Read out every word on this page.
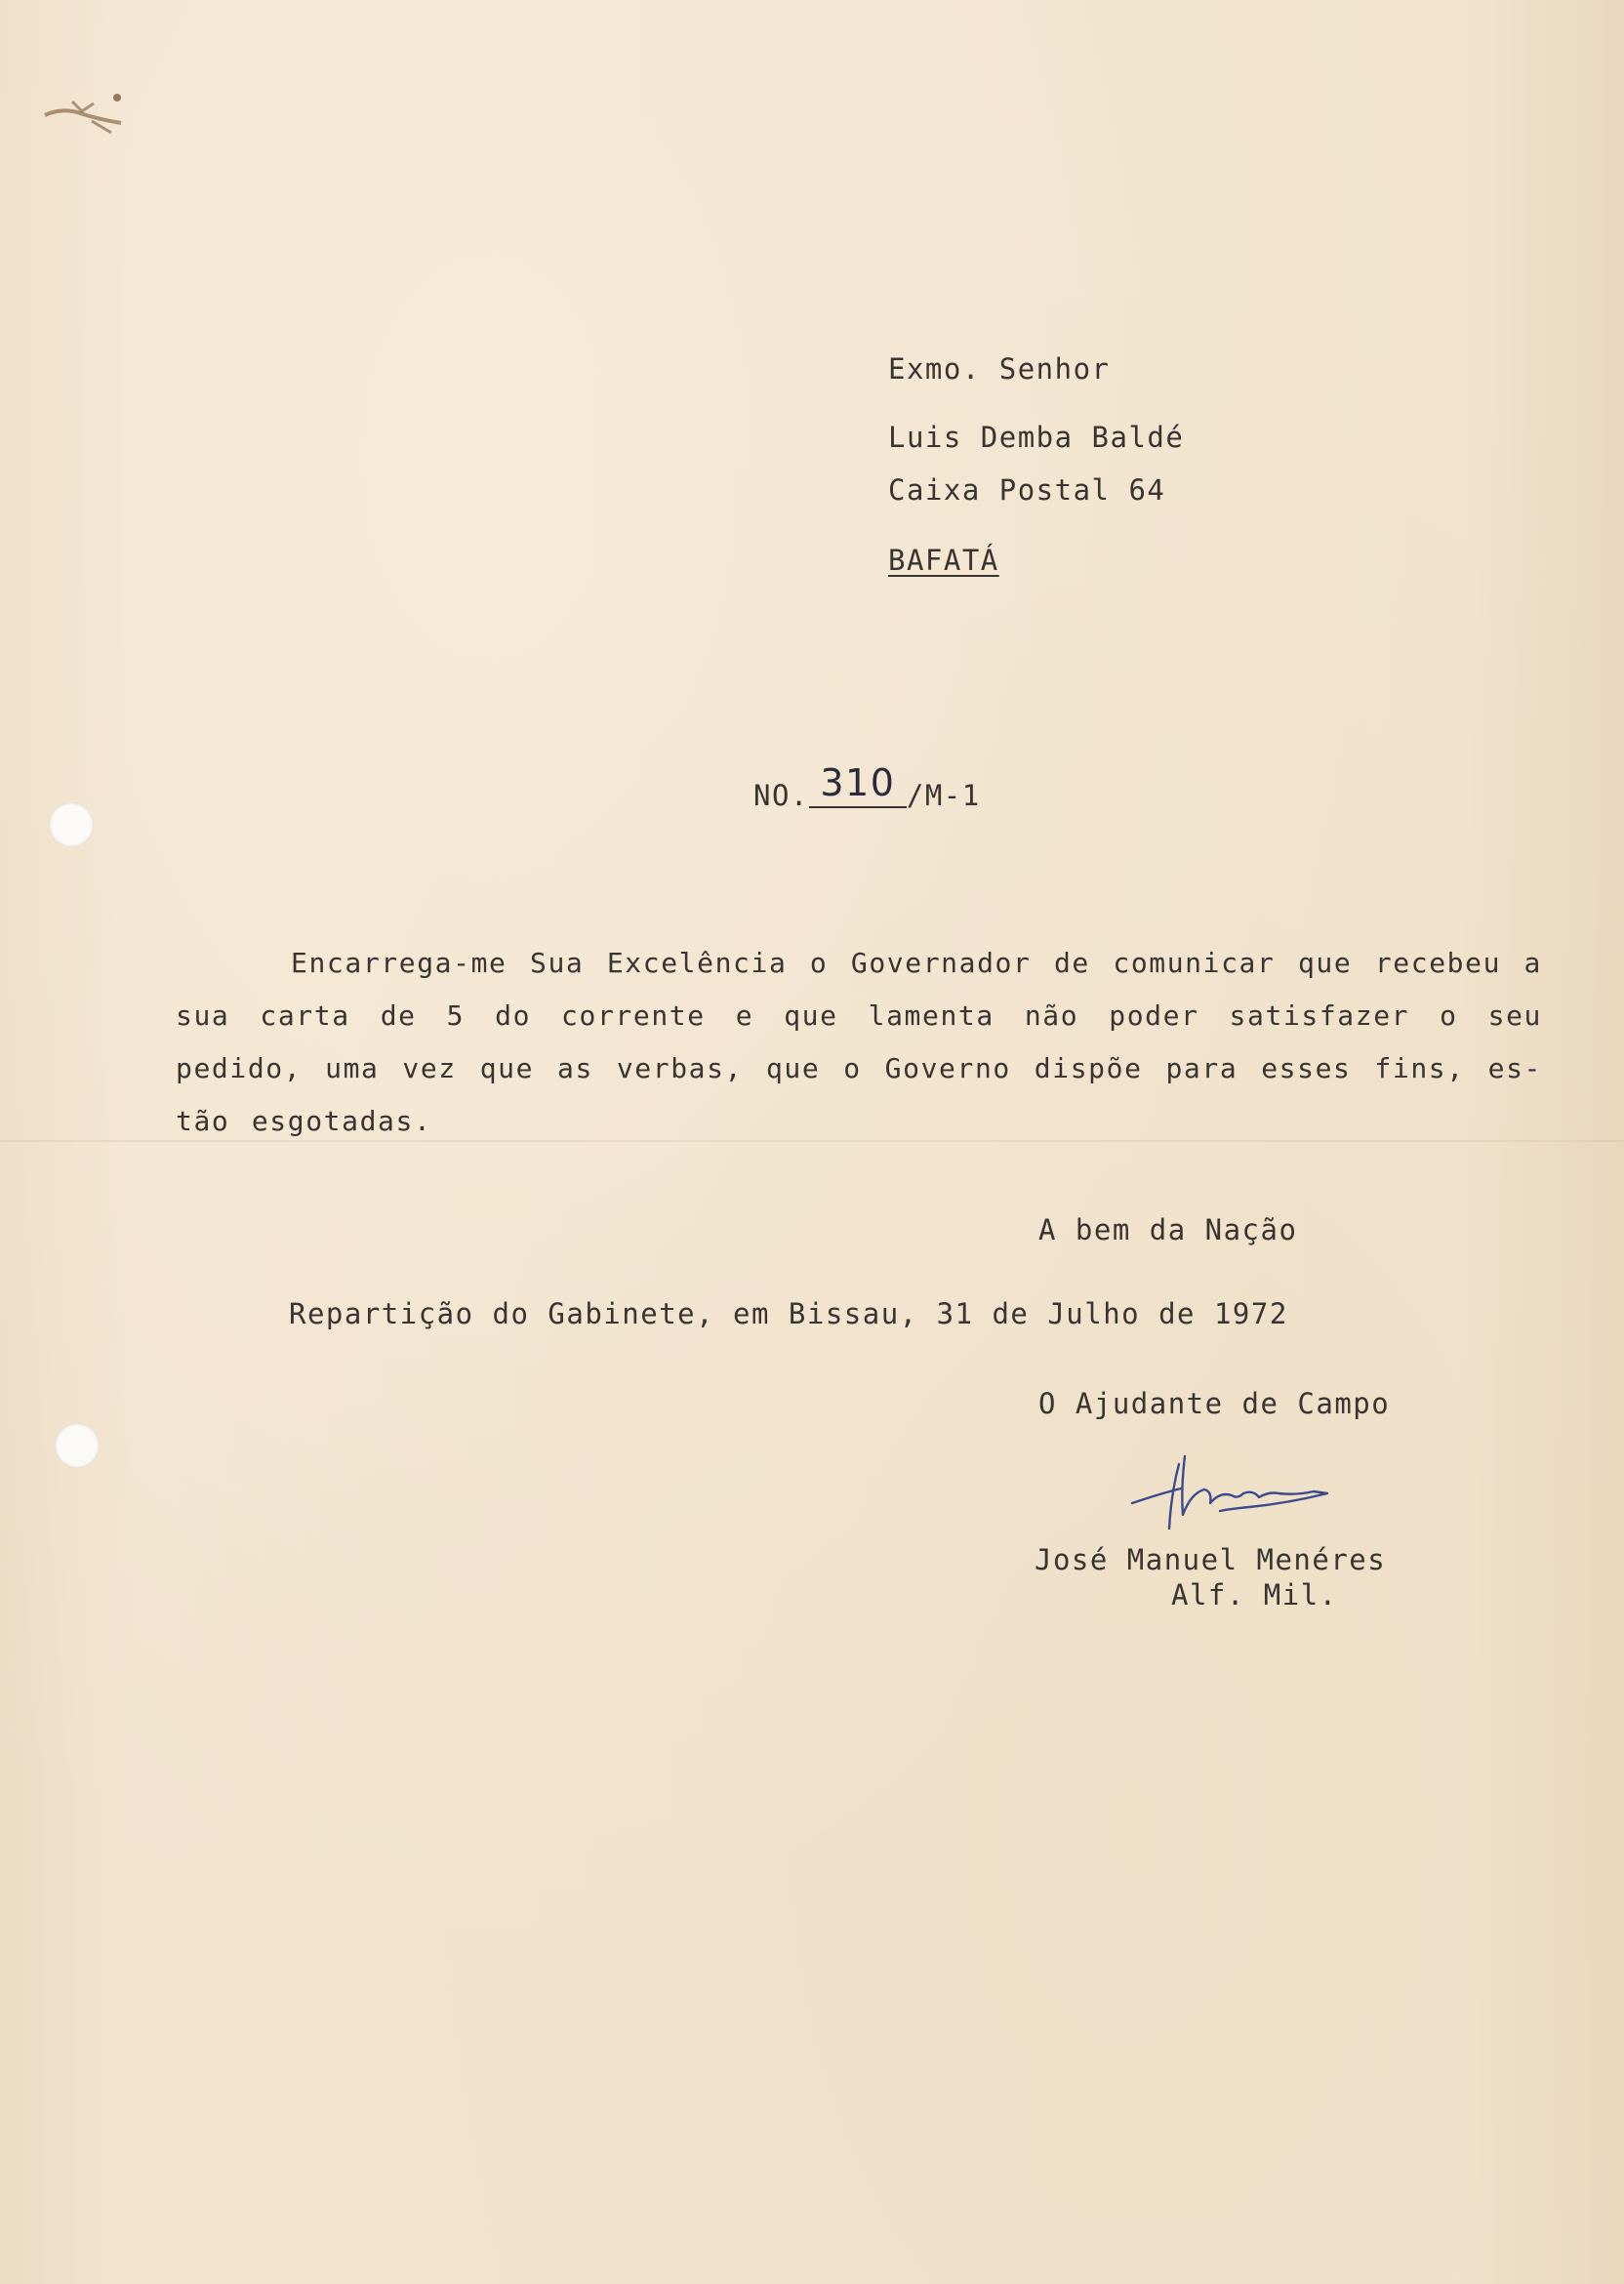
Exmo. Senhor
Luis Demba Baldé
Caixa Postal 64
BAFATÁ
NO. 310 /M-1
Encarrega-me Sua Excelência o Governador de comunicar que recebeu a sua carta de 5 do corrente e que lamenta não poder satisfazer o seu pedido, uma vez que as verbas, que o Governo dispõe para esses fins, es-tão esgotadas.
A bem da Nação
Repartição do Gabinete, em Bissau, 31 de Julho de 1972
O Ajudante de Campo
José Manuel Menéres
Alf. Mil.
